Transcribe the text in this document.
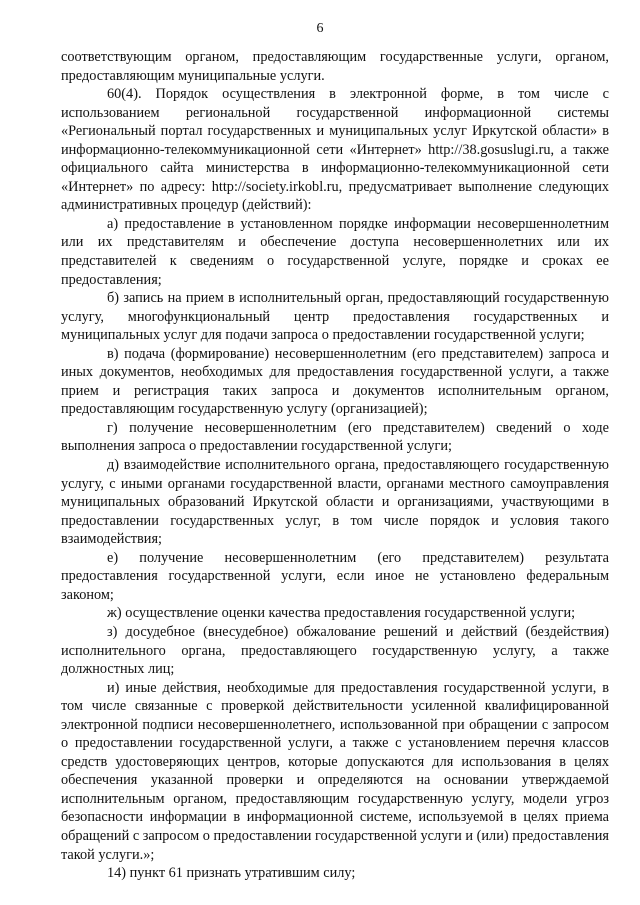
6

соответствующим органом, предоставляющим государственные услуги, органом, предоставляющим муниципальные услуги.

60(4). Порядок осуществления в электронной форме, в том числе с использованием региональной государственной информационной системы «Региональный портал государственных и муниципальных услуг Иркутской области» в информационно-телекоммуникационной сети «Интернет» http://38.gosuslugi.ru, а также официального сайта министерства в информационно-телекоммуникационной сети «Интернет» по адресу: http://society.irkobl.ru, предусматривает выполнение следующих административных процедур (действий):

а) предоставление в установленном порядке информации несовершеннолетним или их представителям и обеспечение доступа несовершеннолетних или их представителей к сведениям о государственной услуге, порядке и сроках ее предоставления;

б) запись на прием в исполнительный орган, предоставляющий государственную услугу, многофункциональный центр предоставления государственных и муниципальных услуг для подачи запроса о предоставлении государственной услуги;

в) подача (формирование) несовершеннолетним (его представителем) запроса и иных документов, необходимых для предоставления государственной услуги, а также прием и регистрация таких запроса и документов исполнительным органом, предоставляющим государственную услугу (организацией);

г) получение несовершеннолетним (его представителем) сведений о ходе выполнения запроса о предоставлении государственной услуги;

д) взаимодействие исполнительного органа, предоставляющего государственную услугу, с иными органами государственной власти, органами местного самоуправления муниципальных образований Иркутской области и организациями, участвующими в предоставлении государственных услуг, в том числе порядок и условия такого взаимодействия;

е) получение несовершеннолетним (его представителем) результата предоставления государственной услуги, если иное не установлено федеральным законом;

ж) осуществление оценки качества предоставления государственной услуги;

з) досудебное (внесудебное) обжалование решений и действий (бездействия) исполнительного органа, предоставляющего государственную услугу, а также должностных лиц;

и) иные действия, необходимые для предоставления государственной услуги, в том числе связанные с проверкой действительности усиленной квалифицированной электронной подписи несовершеннолетнего, использованной при обращении с запросом о предоставлении государственной услуги, а также с установлением перечня классов средств удостоверяющих центров, которые допускаются для использования в целях обеспечения указанной проверки и определяются на основании утверждаемой исполнительным органом, предоставляющим государственную услугу, модели угроз безопасности информации в информационной системе, используемой в целях приема обращений с запросом о предоставлении государственной услуги и (или) предоставления такой услуги.»;

14) пункт 61 признать утратившим силу;
